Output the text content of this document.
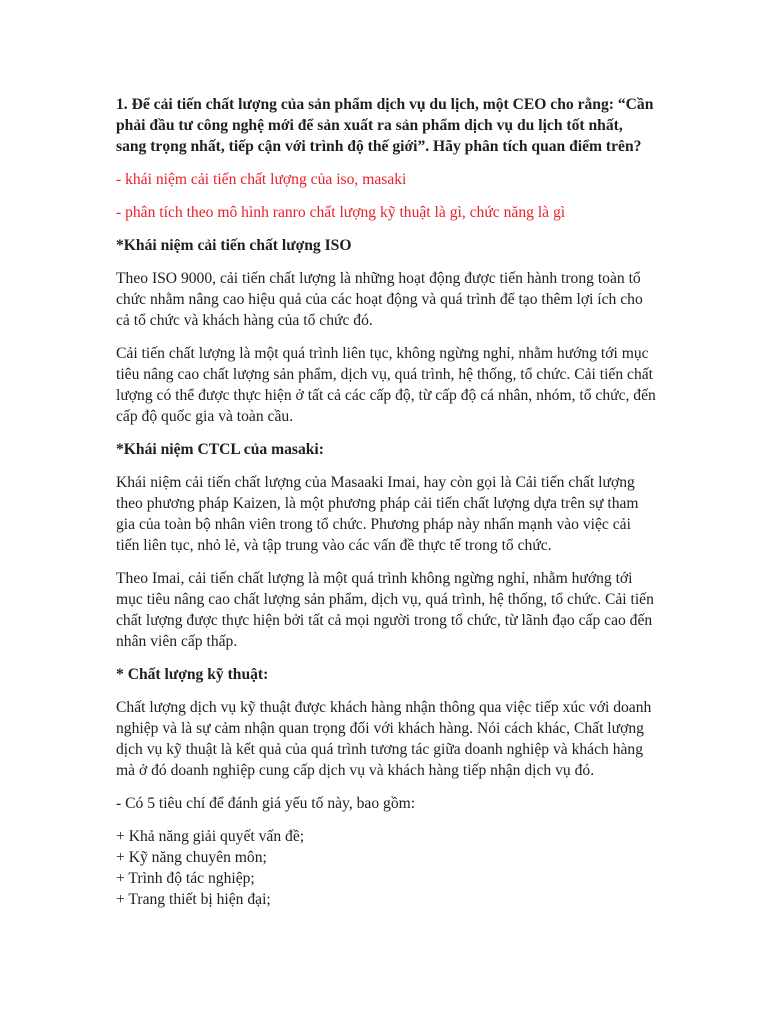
1. Để cải tiến chất lượng của sản phẩm dịch vụ du lịch, một CEO cho rằng: “Cần phải đầu tư công nghệ mới để sản xuất ra sản phẩm dịch vụ du lịch tốt nhất, sang trọng nhất, tiếp cận với trình độ thế giới”. Hãy phân tích quan điểm trên?

- khái niệm cải tiến chất lượng của iso, masaki

- phân tích theo mô hình ranro chất lượng kỹ thuật là gì, chức năng là gì

*Khái niệm cải tiến chất lượng ISO

Theo ISO 9000, cải tiến chất lượng là những hoạt động được tiến hành trong toàn tổ chức nhằm nâng cao hiệu quả của các hoạt động và quá trình để tạo thêm lợi ích cho cả tổ chức và khách hàng của tổ chức đó.

Cải tiến chất lượng là một quá trình liên tục, không ngừng nghỉ, nhằm hướng tới mục tiêu nâng cao chất lượng sản phẩm, dịch vụ, quá trình, hệ thống, tổ chức. Cải tiến chất lượng có thể được thực hiện ở tất cả các cấp độ, từ cấp độ cá nhân, nhóm, tổ chức, đến cấp độ quốc gia và toàn cầu.

*Khái niệm CTCL của masaki:

Khái niệm cải tiến chất lượng của Masaaki Imai, hay còn gọi là Cải tiến chất lượng theo phương pháp Kaizen, là một phương pháp cải tiến chất lượng dựa trên sự tham gia của toàn bộ nhân viên trong tổ chức. Phương pháp này nhấn mạnh vào việc cải tiến liên tục, nhỏ lẻ, và tập trung vào các vấn đề thực tế trong tổ chức.

Theo Imai, cải tiến chất lượng là một quá trình không ngừng nghỉ, nhằm hướng tới mục tiêu nâng cao chất lượng sản phẩm, dịch vụ, quá trình, hệ thống, tổ chức. Cải tiến chất lượng được thực hiện bởi tất cả mọi người trong tổ chức, từ lãnh đạo cấp cao đến nhân viên cấp thấp.

* Chất lượng kỹ thuật:

Chất lượng dịch vụ kỹ thuật được khách hàng nhận thông qua việc tiếp xúc với doanh nghiệp và là sự cảm nhận quan trọng đối với khách hàng. Nói cách khác, Chất lượng dịch vụ kỹ thuật là kết quả của quá trình tương tác giữa doanh nghiệp và khách hàng mà ở đó doanh nghiệp cung cấp dịch vụ và khách hàng tiếp nhận dịch vụ đó.

- Có 5 tiêu chí để đánh giá yếu tố này, bao gồm:

+ Khả năng giải quyết vấn đề;
+ Kỹ năng chuyên môn;
+ Trình độ tác nghiệp;
+ Trang thiết bị hiện đại;
